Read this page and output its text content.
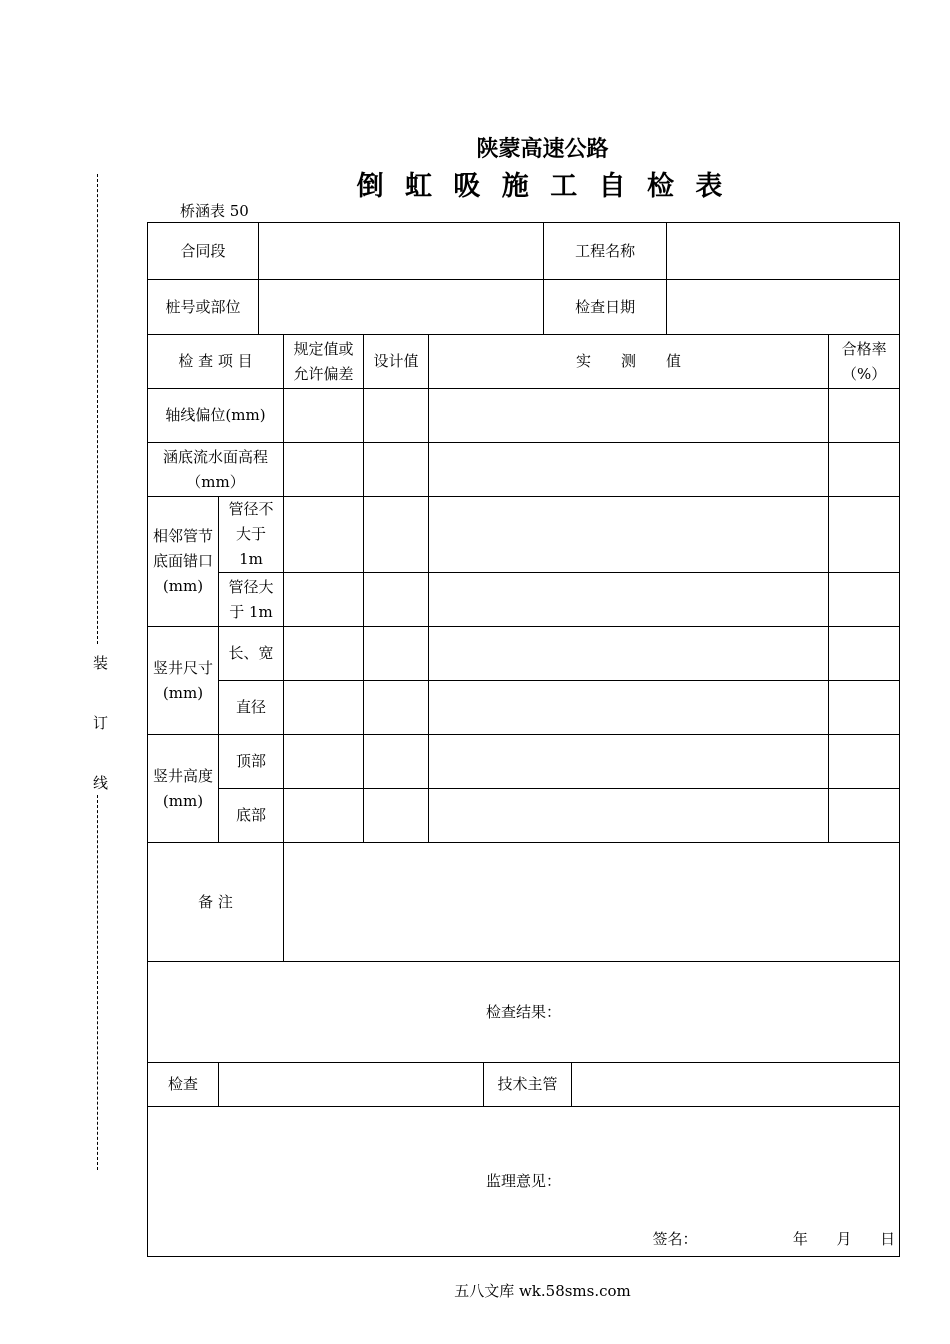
陕蒙高速公路
倒 虹 吸 施 工 自 检 表
桥涵表 50
装
订
线
合同段							工程名称			
桩号或部位							检查日期			
检 查 项 目			规定值或允许偏差	设计值	实　　测　　值					合格率（%）
轴线偏位(mm)										
涵底流水面高程（mm）										
相邻管节底面错口(mm)	管径不大于 1m									
	管径大于 1m									
竖井尺寸(mm)	长、宽									
	直径									
竖井高度(mm)	顶部									
	底部									
备 注										
检查结果：										
检查						技术主管				
监理意见：
签名：                    年      月      日										
五八文库 wk.58sms.com
